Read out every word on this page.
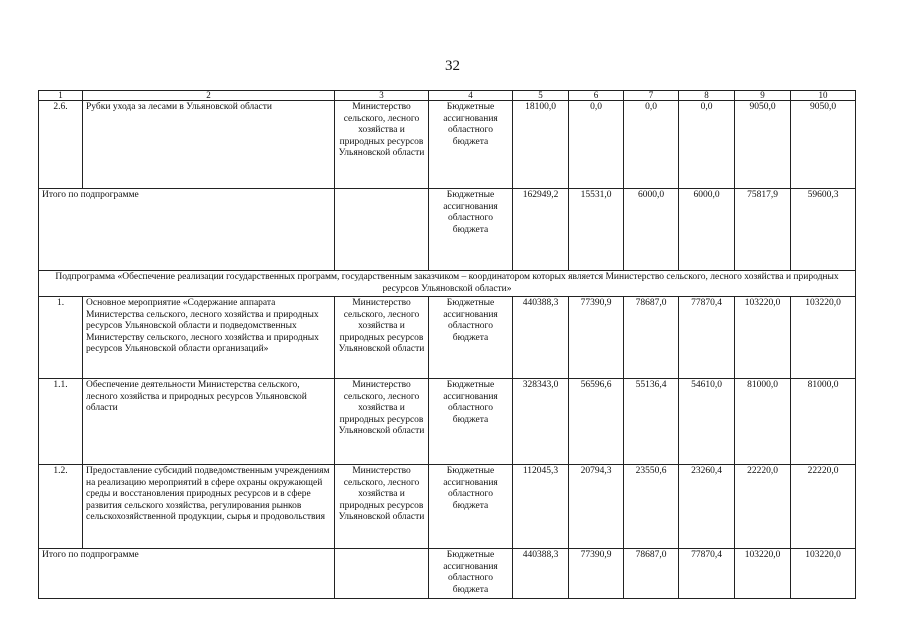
32
1	2	3	4	5	6	7	8	9	10
2.6.	Рубки ухода за лесами в Ульяновской области	Министерство сельского, лесного хозяйства и природных ресурсов Ульяновской области	Бюджетные ассигнования областного бюджета	18100,0	0,0	0,0	0,0	9050,0	9050,0
Итого по подпрограмме			Бюджетные ассигнования областного бюджета	162949,2	15531,0	6000,0	6000,0	75817,9	59600,3
Подпрограмма «Обеспечение реализации государственных программ, государственным заказчиком – координатором которых является Министерство сельского, лесного хозяйства и природных ресурсов Ульяновской области»									
1.	Основное мероприятие «Содержание аппарата Министерства сельского, лесного хозяйства и природных ресурсов Ульяновской области и подведомственных Министерству сельского, лесного хозяйства и природных ресурсов Ульяновской области организаций»	Министерство сельского, лесного хозяйства и природных ресурсов Ульяновской области	Бюджетные ассигнования областного бюджета	440388,3	77390,9	78687,0	77870,4	103220,0	103220,0
1.1.	Обеспечение деятельности Министерства сельского, лесного хозяйства и природных ресурсов Ульяновской области	Министерство сельского, лесного хозяйства и природных ресурсов Ульяновской области	Бюджетные ассигнования областного бюджета	328343,0	56596,6	55136,4	54610,0	81000,0	81000,0
1.2.	Предоставление субсидий подведомственным учреждениям на реализацию мероприятий в сфере охраны окружающей среды и восстановления природных ресурсов и в сфере развития сельского хозяйства, регулирования рынков сельскохозяйственной продукции, сырья и продовольствия	Министерство сельского, лесного хозяйства и природных ресурсов Ульяновской области	Бюджетные ассигнования областного бюджета	112045,3	20794,3	23550,6	23260,4	22220,0	22220,0
Итого по подпрограмме			Бюджетные ассигнования областного бюджета	440388,3	77390,9	78687,0	77870,4	103220,0	103220,0
